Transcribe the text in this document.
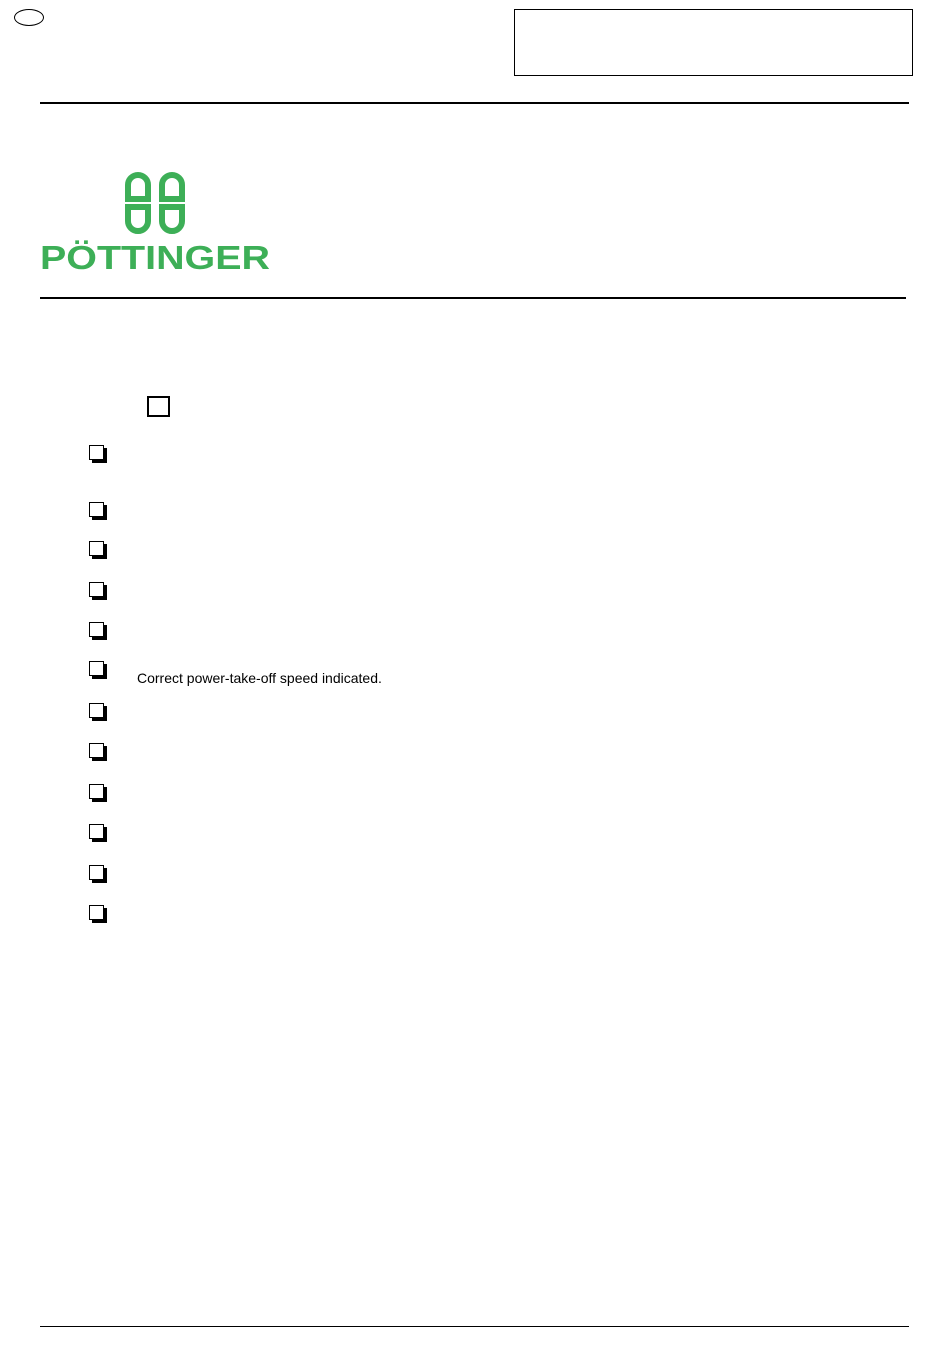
PÖTTINGER
Correct power-take-off speed indicated.
